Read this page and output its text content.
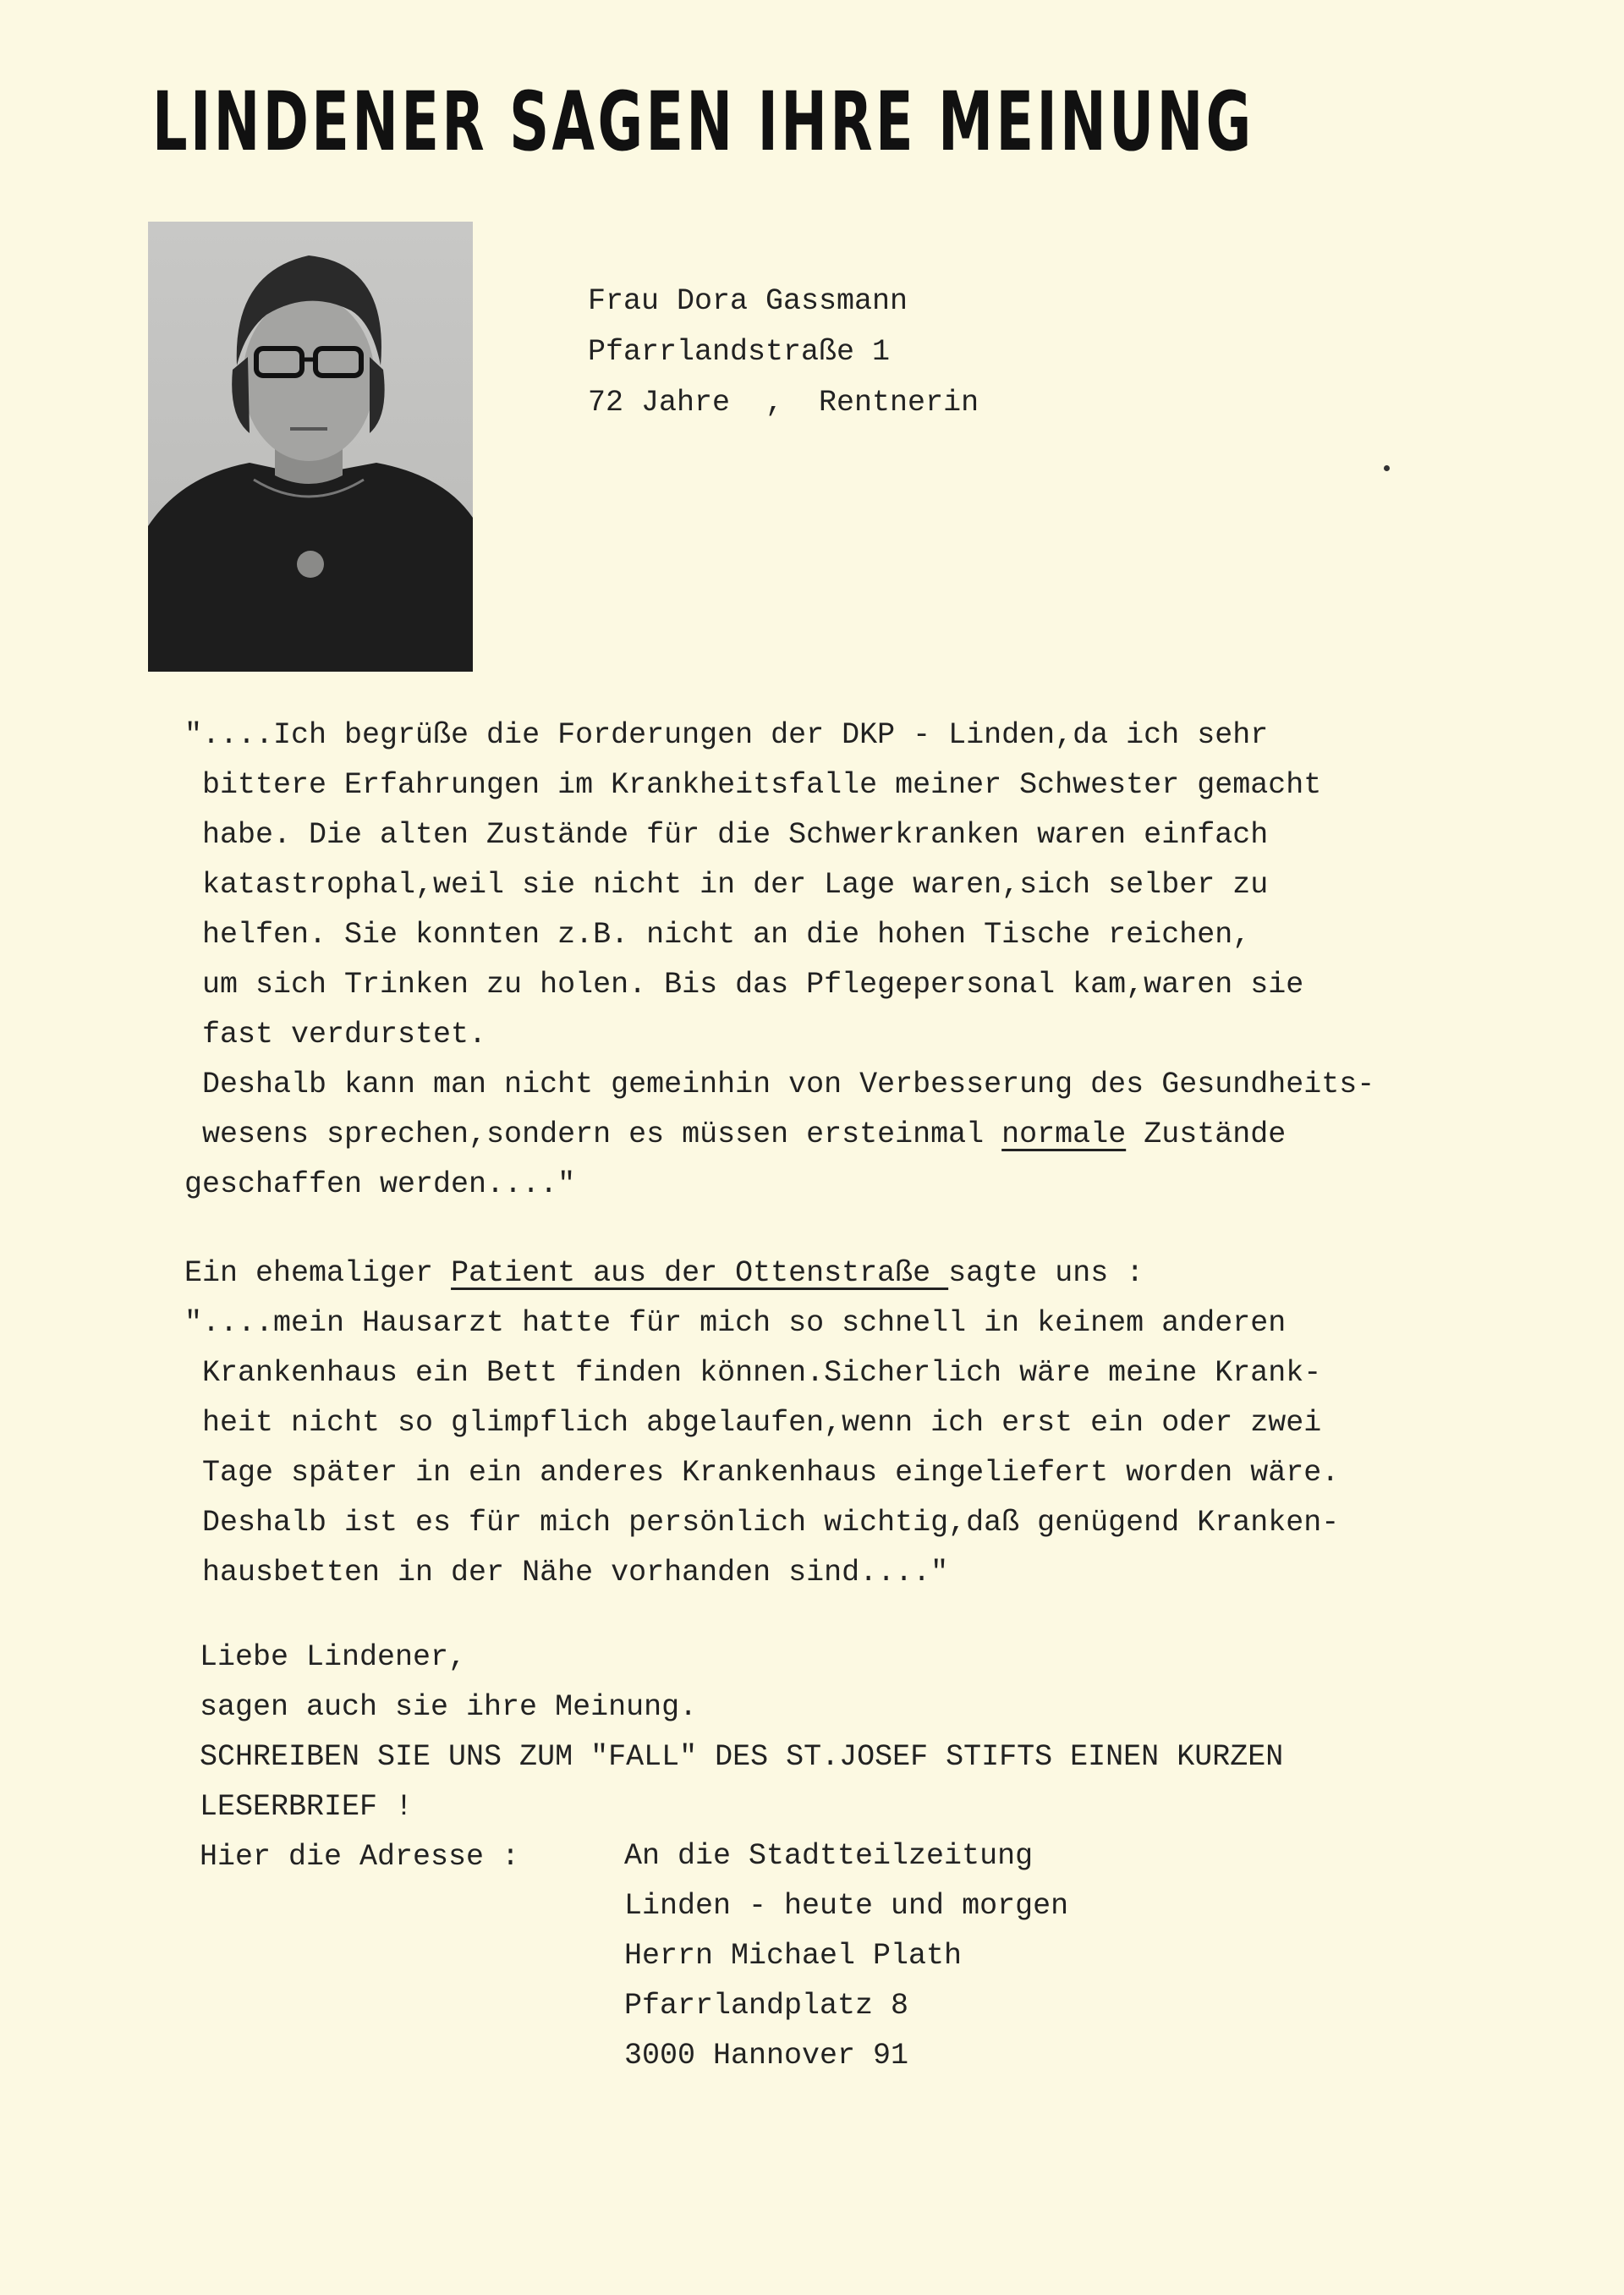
LINDENER SAGEN IHRE MEINUNG
Frau Dora Gassmann
Pfarrlandstraße 1
72 Jahre  ,  Rentnerin
"....Ich begrüße die Forderungen der DKP - Linden,da ich sehr
bittere Erfahrungen im Krankheitsfalle meiner Schwester gemacht
habe. Die alten Zustände für die Schwerkranken waren einfach
katastrophal,weil sie nicht in der Lage waren,sich selber zu
helfen. Sie konnten z.B. nicht an die hohen Tische reichen,
um sich Trinken zu holen. Bis das Pflegepersonal kam,waren sie
fast verdurstet.
Deshalb kann man nicht gemeinhin von Verbesserung des Gesundheits-
wesens sprechen,sondern es müssen ersteinmal normale Zustände
geschaffen werden...."
Ein ehemaliger Patient aus der Ottenstraße sagte uns :
"....mein Hausarzt hatte für mich so schnell in keinem anderen
Krankenhaus ein Bett finden können.Sicherlich wäre meine Krank-
heit nicht so glimpflich abgelaufen,wenn ich erst ein oder zwei
Tage später in ein anderes Krankenhaus eingeliefert worden wäre.
Deshalb ist es für mich persönlich wichtig,daß genügend Kranken-
hausbetten in der Nähe vorhanden sind...."
Liebe Lindener,
sagen auch sie ihre Meinung.
SCHREIBEN SIE UNS ZUM "FALL" DES ST.JOSEF STIFTS EINEN KURZEN
LESERBRIEF !
Hier die Adresse :	An die Stadtteilzeitung
Linden - heute und morgen
Herrn Michael Plath
Pfarrlandplatz 8
3000 Hannover 91
